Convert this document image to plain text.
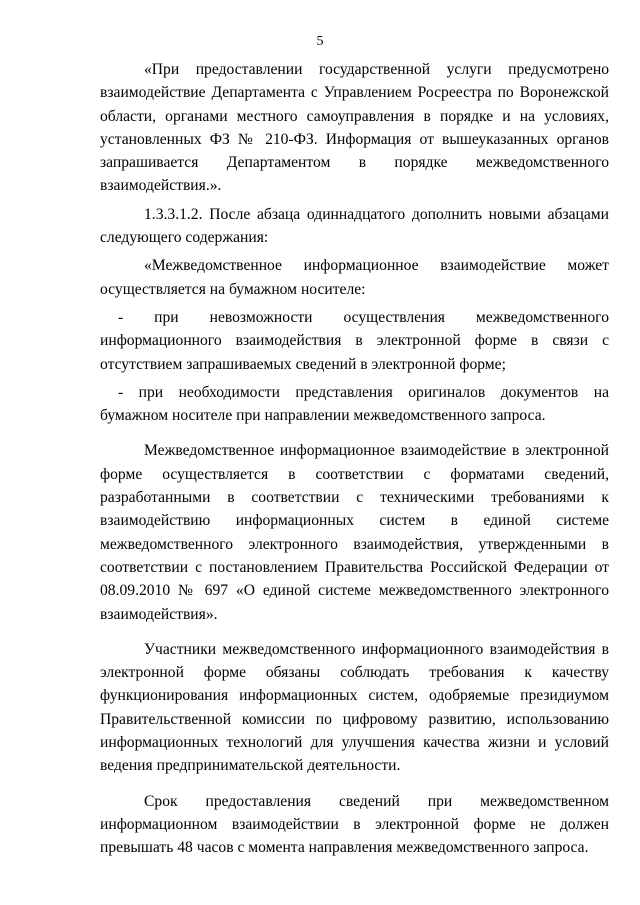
5

«При предоставлении государственной услуги предусмотрено взаимодействие Департамента с Управлением Росреестра по Воронежской области, органами местного самоуправления в порядке и на условиях, установленных ФЗ № 210-ФЗ. Информация от вышеуказанных органов запрашивается Департаментом в порядке межведомственного взаимодействия.».

1.3.3.1.2. После абзаца одиннадцатого дополнить новыми абзацами следующего содержания:

«Межведомственное информационное взаимодействие может осуществляется на бумажном носителе:

- при невозможности осуществления межведомственного информационного взаимодействия в электронной форме в связи с отсутствием запрашиваемых сведений в электронной форме;

- при необходимости представления оригиналов документов на бумажном носителе при направлении межведомственного запроса.

Межведомственное информационное взаимодействие в электронной форме осуществляется в соответствии с форматами сведений, разработанными в соответствии с техническими требованиями к взаимодействию информационных систем в единой системе межведомственного электронного взаимодействия, утвержденными в соответствии с постановлением Правительства Российской Федерации от 08.09.2010 № 697 «О единой системе межведомственного электронного взаимодействия».

Участники межведомственного информационного взаимодействия в электронной форме обязаны соблюдать требования к качеству функционирования информационных систем, одобряемые президиумом Правительственной комиссии по цифровому развитию, использованию информационных технологий для улучшения качества жизни и условий ведения предпринимательской деятельности.

Срок предоставления сведений при межведомственном информационном взаимодействии в электронной форме не должен превышать 48 часов с момента направления межведомственного запроса.
